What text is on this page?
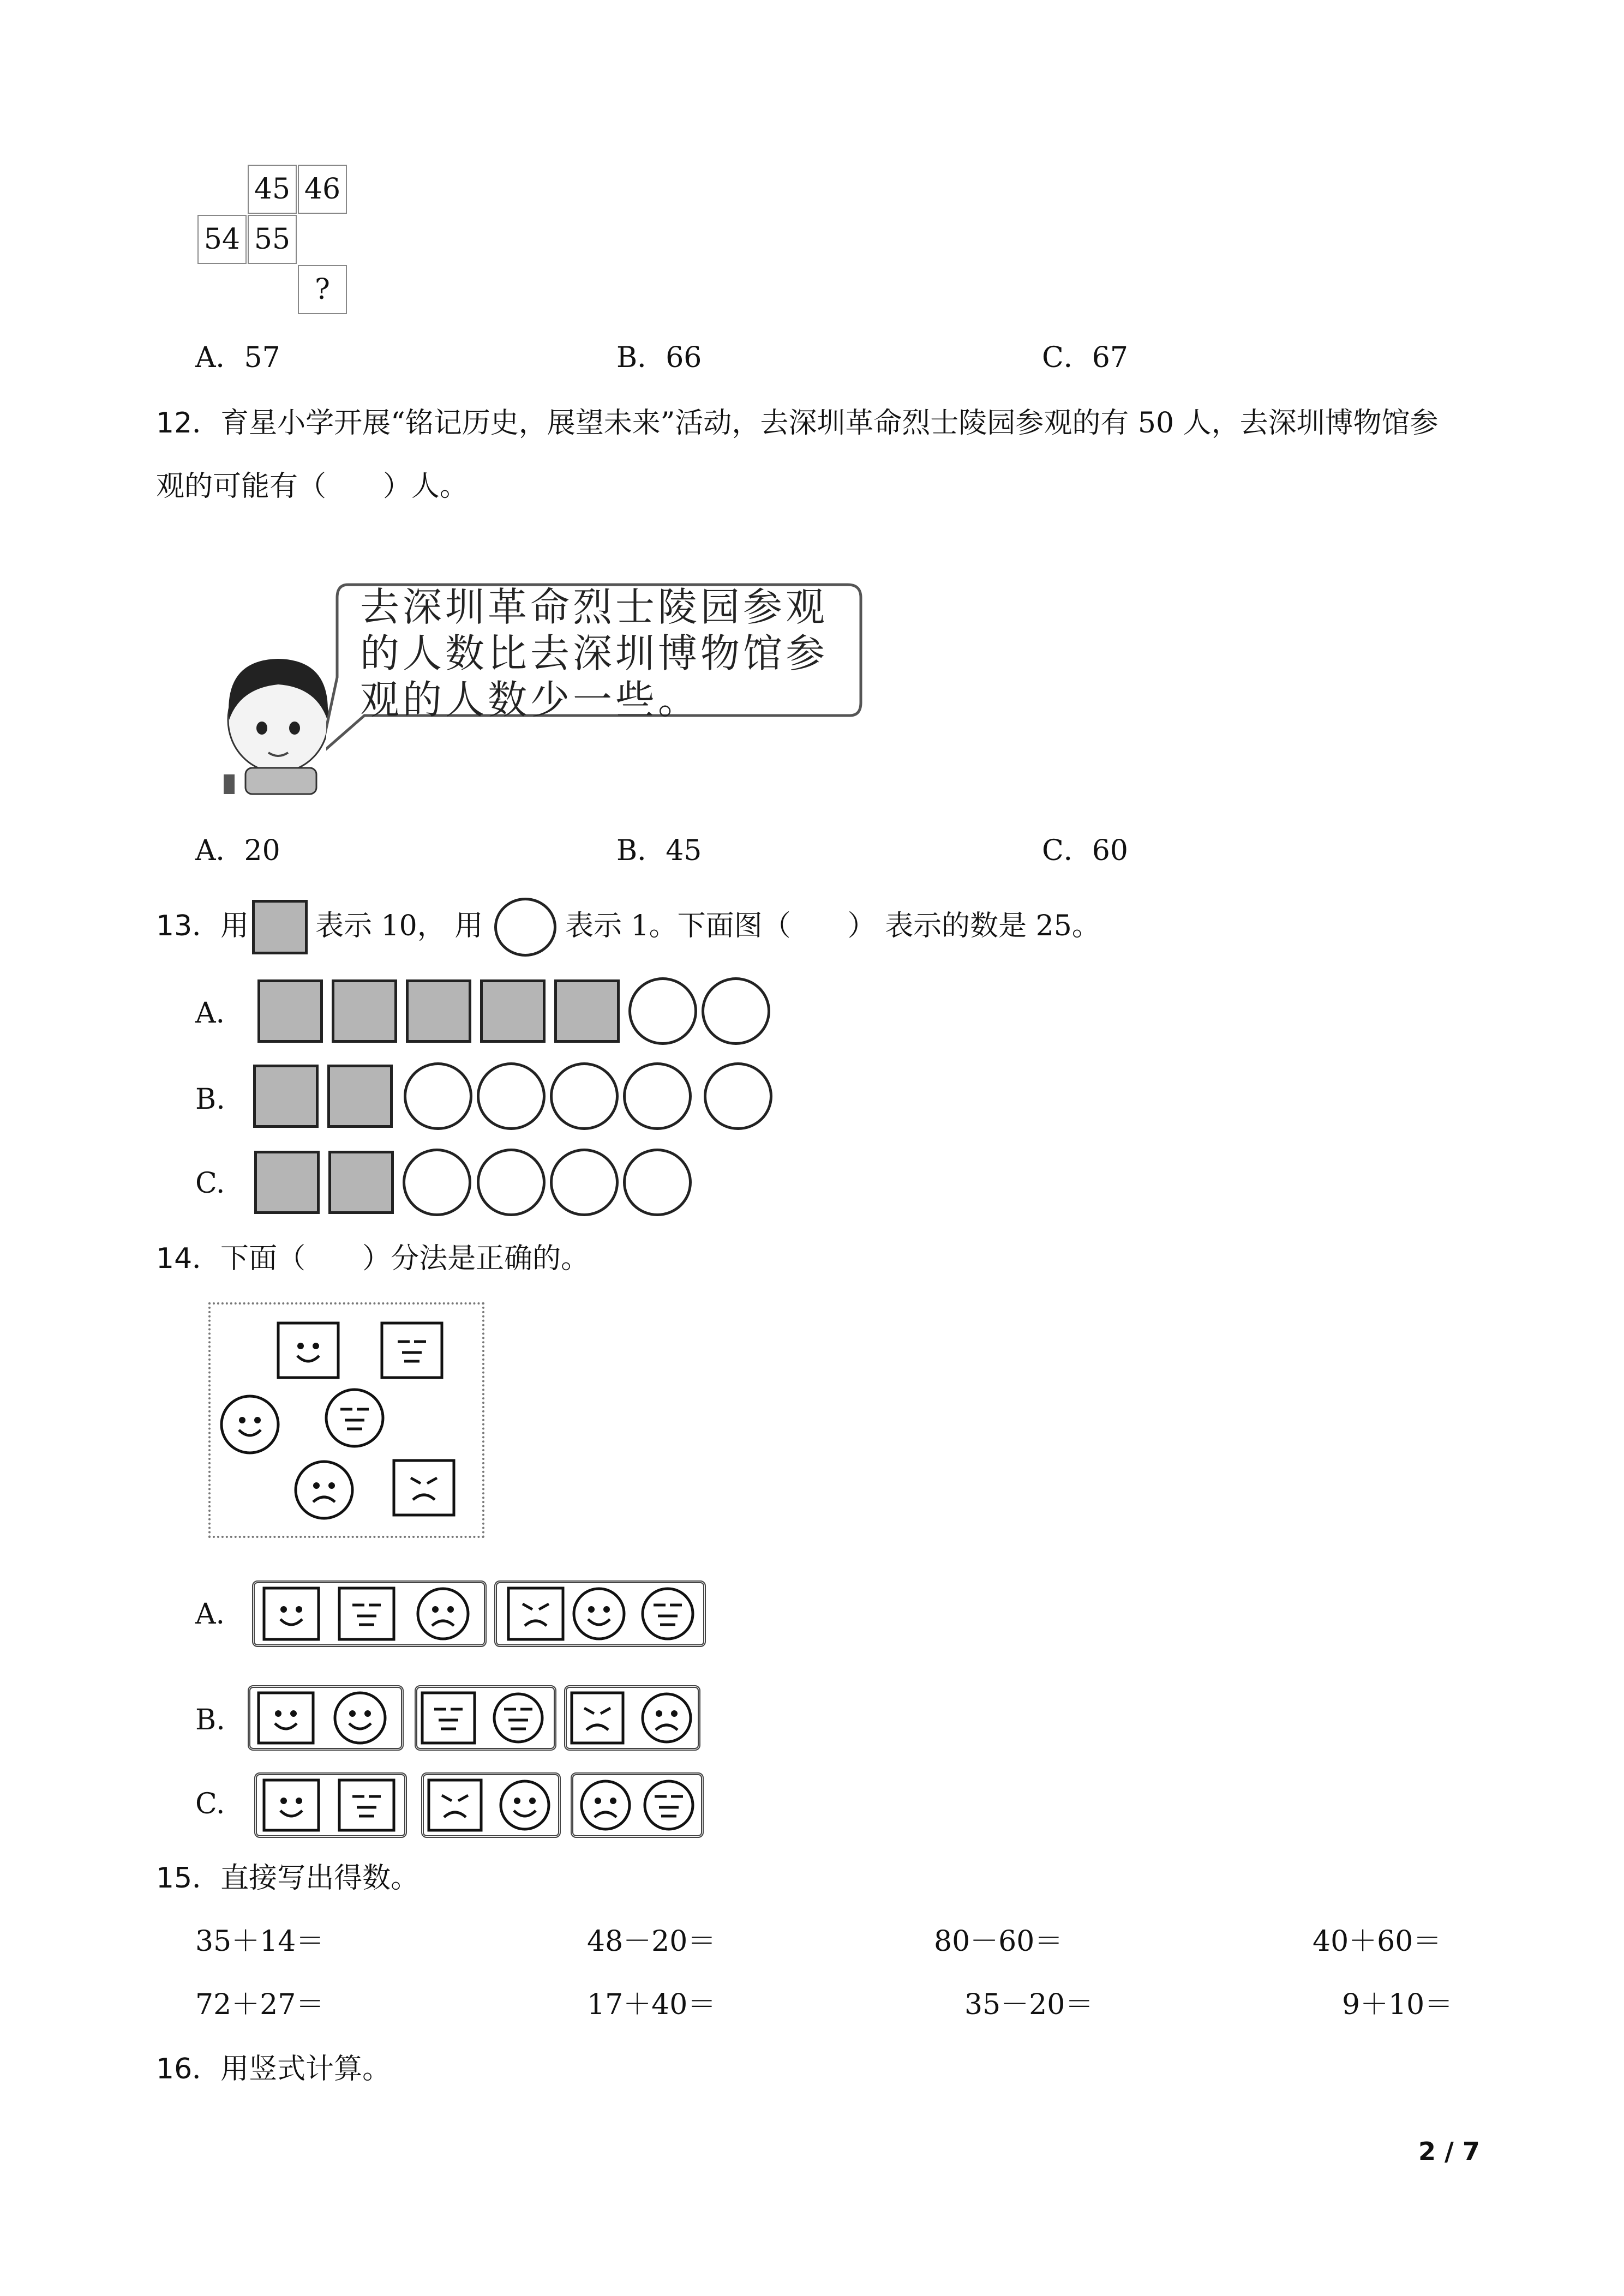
45 46
54 55
?
A．57	B．66	C．67
12．育星小学开展“铭记历史，展望未来”活动，去深圳革命烈士陵园参观的有 50 人，去深圳博物馆参
观的可能有（　　）人。
去深圳革命烈士陵园参观
的人数比去深圳博物馆参
观的人数少一些。
A．20	B．45	C．60
13．用 表示 10， 用	表示 1。下面图（　　） 表示的数是 25。
A.
B.
C.
14．下面（　　）分法是正确的。
A.
B.
C.
15．直接写出得数。
35＋14＝	48－20＝	80－60＝	40＋60＝
72＋27＝	17＋40＝	35－20＝	9＋10＝
16．用竖式计算。
2 / 7
